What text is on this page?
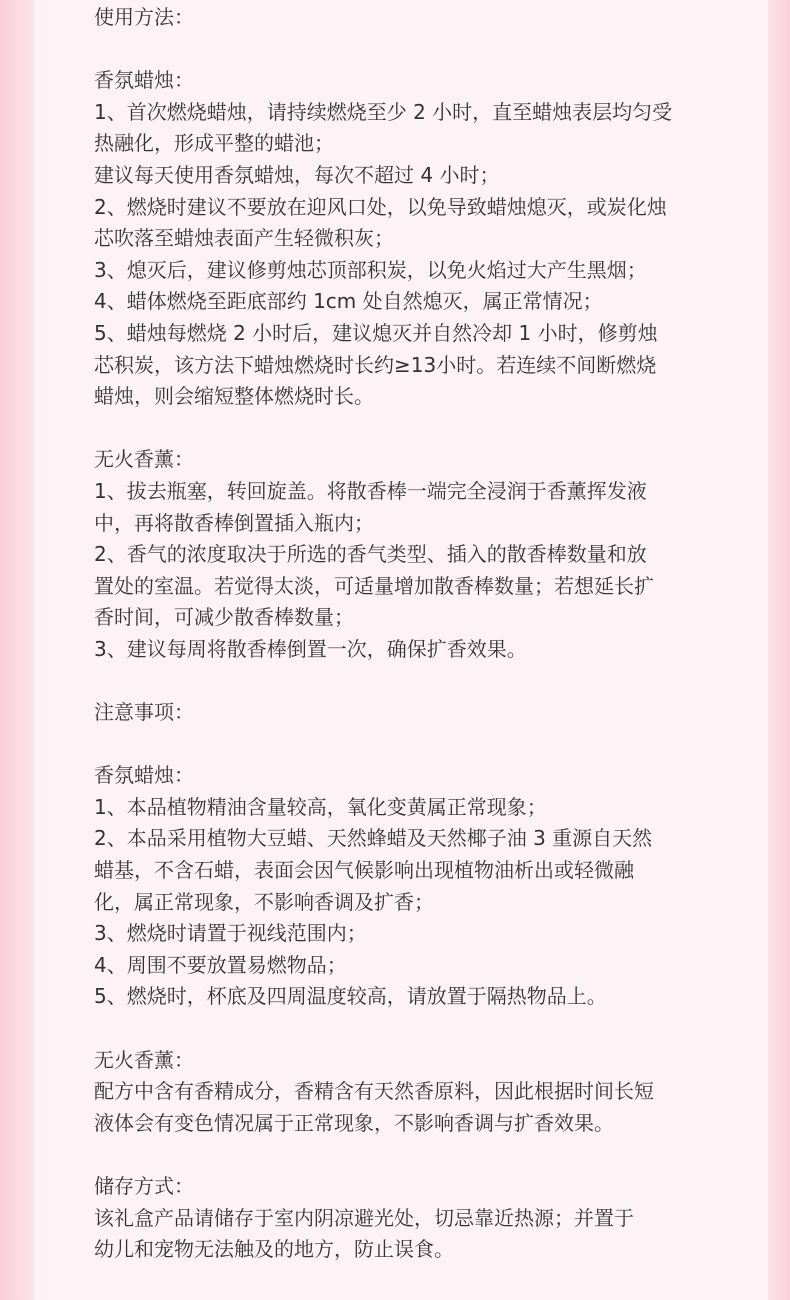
使用方法：
香氛蜡烛：
1、首次燃烧蜡烛，请持续燃烧至少 2 小时，直至蜡烛表层均匀受
热融化，形成平整的蜡池；
建议每天使用香氛蜡烛，每次不超过 4 小时；
2、燃烧时建议不要放在迎风口处，以免导致蜡烛熄灭，或炭化烛
芯吹落至蜡烛表面产生轻微积灰；
3、熄灭后，建议修剪烛芯顶部积炭，以免火焰过大产生黑烟；
4、蜡体燃烧至距底部约 1cm 处自然熄灭，属正常情况；
5、蜡烛每燃烧 2 小时后，建议熄灭并自然冷却 1 小时，修剪烛
芯积炭，该方法下蜡烛燃烧时长约≥13小时。若连续不间断燃烧
蜡烛，则会缩短整体燃烧时长。
无火香薰：
1、拔去瓶塞，转回旋盖。将散香棒一端完全浸润于香薰挥发液
中，再将散香棒倒置插入瓶内；
2、香气的浓度取决于所选的香气类型、插入的散香棒数量和放
置处的室温。若觉得太淡，可适量增加散香棒数量；若想延长扩
香时间，可减少散香棒数量；
3、建议每周将散香棒倒置一次，确保扩香效果。
注意事项：
香氛蜡烛：
1、本品植物精油含量较高，氧化变黄属正常现象；
2、本品采用植物大豆蜡、天然蜂蜡及天然椰子油 3 重源自天然
蜡基，不含石蜡，表面会因气候影响出现植物油析出或轻微融
化，属正常现象，不影响香调及扩香；
3、燃烧时请置于视线范围内；
4、周围不要放置易燃物品；
5、燃烧时，杯底及四周温度较高，请放置于隔热物品上。
无火香薰：
配方中含有香精成分，香精含有天然香原料，因此根据时间长短
液体会有变色情况属于正常现象，不影响香调与扩香效果。
储存方式：
该礼盒产品请储存于室内阴凉避光处，切忌靠近热源；并置于
幼儿和宠物无法触及的地方，防止误食。
